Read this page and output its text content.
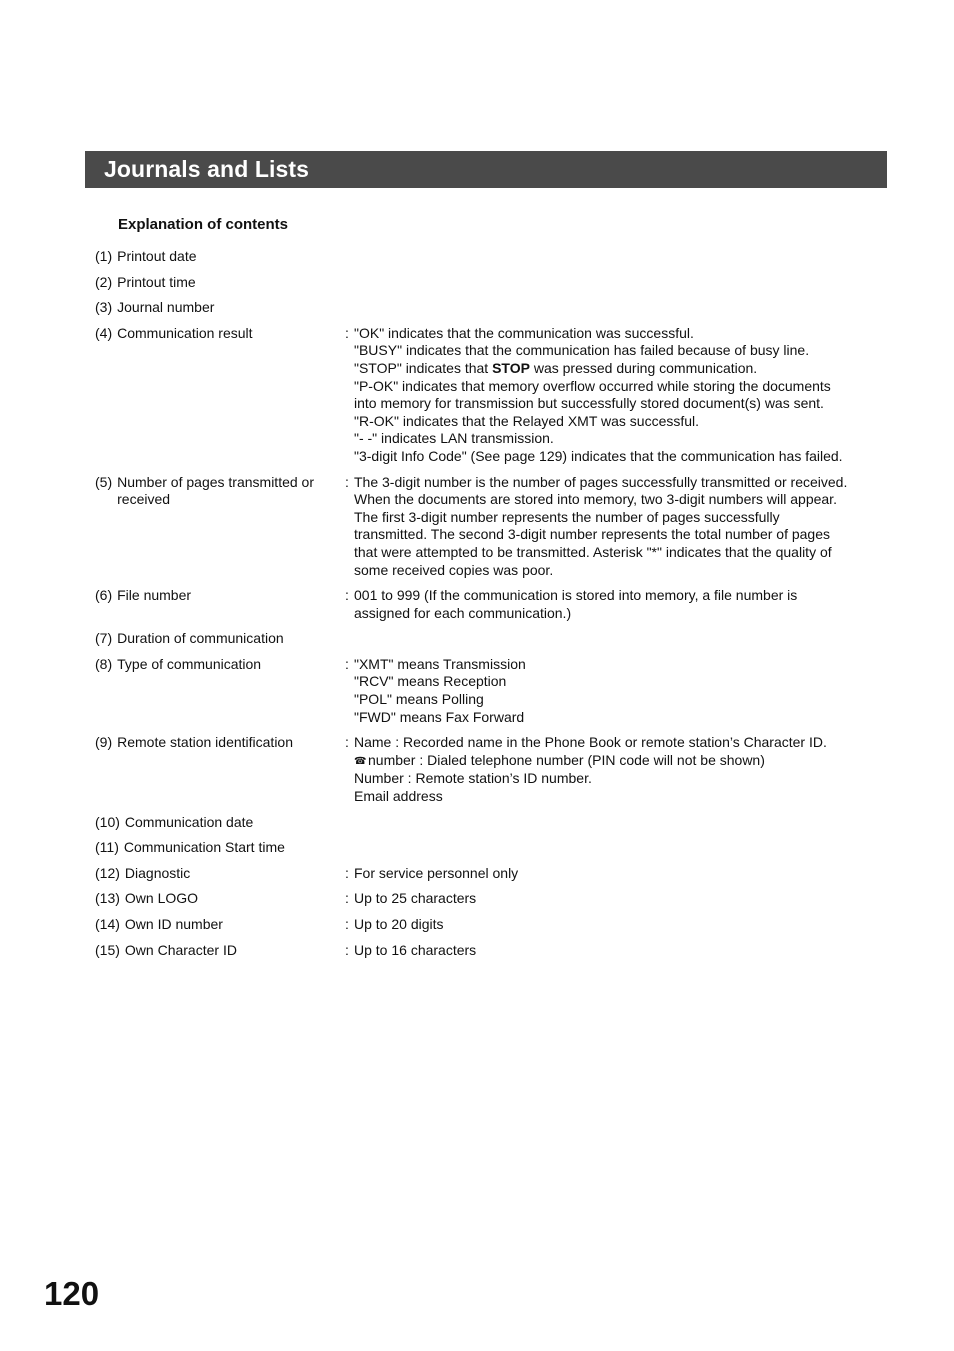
Journals and Lists
Explanation of contents
(1) Printout date
(2) Printout time
(3) Journal number
(4) Communication result	: "OK" indicates that the communication was successful.
"BUSY" indicates that the communication has failed because of busy line.
"STOP" indicates that STOP was pressed during communication.
"P-OK" indicates that memory overflow occurred while storing the documents
into memory for transmission but successfully stored document(s) was sent.
"R-OK" indicates that the Relayed XMT was successful.
"- -" indicates LAN transmission.
"3-digit Info Code" (See page 129) indicates that the communication has failed.
(5) Number of pages transmitted or received
: The 3-digit number is the number of pages successfully transmitted or received.
When the documents are stored into memory, two 3-digit numbers will appear.
The first 3-digit number represents the number of pages successfully
transmitted. The second 3-digit number represents the total number of pages
that were attempted to be transmitted. Asterisk "*" indicates that the quality of
some received copies was poor.
(6) File number	: 001 to 999 (If the communication is stored into memory, a file number is
assigned for each communication.)
(7) Duration of communication
(8) Type of communication	: "XMT" means Transmission
"RCV" means Reception
"POL" means Polling
"FWD" means Fax Forward
(9) Remote station identification	: Name : Recorded name in the Phone Book or remote station’s Character ID.
☎ number : Dialed telephone number (PIN code will not be shown)
Number : Remote station’s ID number.
Email address
(10) Communication date
(11) Communication Start time
(12) Diagnostic	: For service personnel only
(13) Own LOGO	: Up to 25 characters
(14) Own ID number	: Up to 20 digits
(15) Own Character ID	: Up to 16 characters
120
